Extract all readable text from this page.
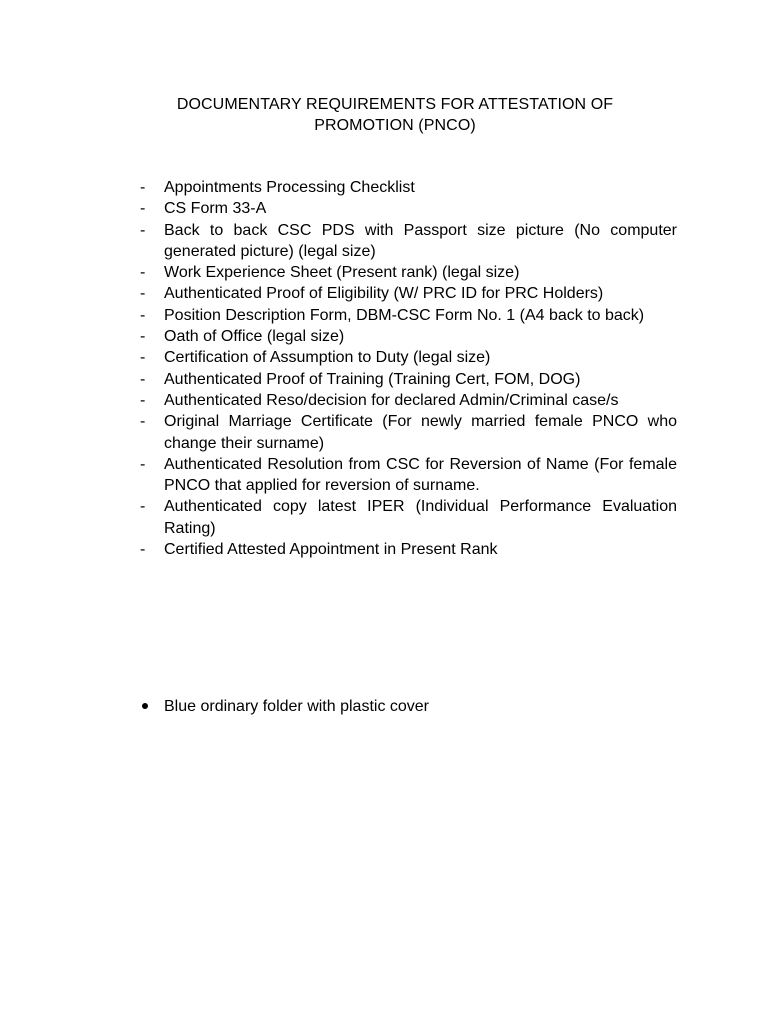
DOCUMENTARY REQUIREMENTS FOR ATTESTATION OF
PROMOTION (PNCO)
- Appointments Processing Checklist
- CS Form 33-A
- Back to back CSC PDS with Passport size picture (No computer generated picture) (legal size)
- Work Experience Sheet (Present rank) (legal size)
- Authenticated Proof of Eligibility (W/ PRC ID for PRC Holders)
- Position Description Form, DBM-CSC Form No. 1 (A4 back to back)
- Oath of Office (legal size)
- Certification of Assumption to Duty (legal size)
- Authenticated Proof of Training (Training Cert, FOM, DOG)
- Authenticated Reso/decision for declared Admin/Criminal case/s
- Original Marriage Certificate (For newly married female PNCO who change their surname)
- Authenticated Resolution from CSC for Reversion of Name (For female PNCO that applied for reversion of surname.
- Authenticated copy latest IPER (Individual Performance Evaluation Rating)
- Certified Attested Appointment in Present Rank
Blue ordinary folder with plastic cover
